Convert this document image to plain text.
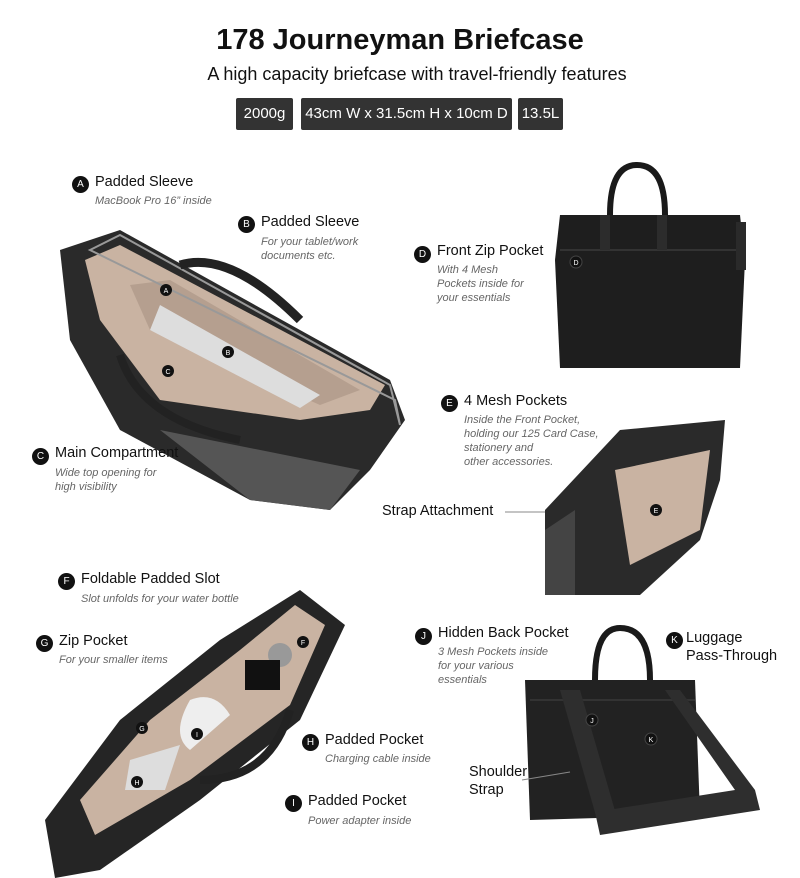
A
B
C
D
E
F
G
I
H
J
K
178 Journeyman Briefcase
A high capacity briefcase with travel-friendly features
2000g	43cm W x 31.5cm H x 10cm D 13.5L
A Padded Sleeve
MacBook Pro 16” inside
B Padded Sleeve
For your tablet/work
documents etc.	D Front Zip Pocket
With 4 Mesh
Pockets inside for
your essentials
E 4 Mesh Pockets
Inside the Front Pocket,
holding our 125 Card Case,
stationery and
other accessories.
C Main Compartment
Wide top opening for
high visibility
Strap Attachment
F Foldable Padded Slot
Slot unfolds for your water bottle
G Zip Pocket
For your smaller items
J Hidden Back Pocket
3 Mesh Pockets inside
for your various
essentials
K Luggage
Pass-Through
H Padded Pocket
Charging cable inside
Shoulder
Strap
I Padded Pocket
Power adapter inside
